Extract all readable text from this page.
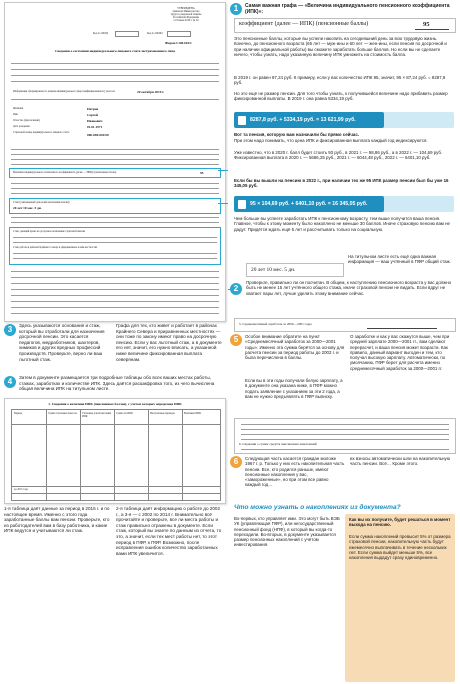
УТВЕРЖДЕНА
приказом Министерства
труда и социальной защиты
Российской Федерации
от 8 июня 2019 г. № 3н
Форма СЗИ-ИЛС
Код по ОКУД	Код по ОКПО
Сведения о состоянии индивидуального лицевого счета застрахованного лица
Информация сформирована по данным индивидуального (персонифицированного) учета на	20 октября 2019 г.
Фамилия	Петров
Имя	Сергей
Отчество (при наличии)	Иванович
Дата рождения	01.01.1971
Страховой номер индивидуального лицевого счета
000-000-000 00
Величина индивидуального пенсионного коэффициента (далее — ИПК) (пенсионные баллы)	95
Стаж (учитываемый для целей назначения пенсии)
20 лет 10 мес. 5 дн.
Стаж, дающий право на досрочное назначение страховой пенсии
Стаж работы в районах Крайнего Севера и приравненных к ним местностях
3	Здесь указываются основания и стаж, который вы отработали для назначения досрочной пенсии. Это касается педагогов, медработников, шахтеров, химиков и других вредных профессий производств. Проверьте, верно ли ваш льготный стаж.
Графа для тех, кто живет и работает в районах Крайнего Севера и приравненных местностях — они тоже по закону имеют право на досрочную пенсию. Если у вас льготный стаж, а в документе его нет, значит, его нужно вписать, а указанной ниже величине фиксированная выплата северянам.
4	Затем в документе размещается три подробные таблицы обо всех ваших местах работы, стажах, заработках и количестве ИПК. Здесь даётся расшифровка того, из чего вычислена общая величина ИПК на титульном листе.
1. Сведения о величине ИПК (пенсионных баллов), с учетом которых определена ИПК
Период	Сумма страховых взносов	Учтенные для исчисления ИПК
Сумма по ИПК	Нестраховые периоды	Величина ИПК
до 2015 года
1-я таблица даёт данные за период в 2015 г. и по настоящее время. Именно с этого года заработанные баллы вам пенсии. Проверьте, кто из работодателей вам в базу работника, и какие ИПК ведутся и учитываются ли стаж.
2-я таблица даёт информацию о работе до 2002 г., а 3-я — с 2002 по 2014 г. Внимательно всё прочитайте и проверьте, все ли места работы и стаж правильно отражены в документе. Если стаж, который вы знаете по данным из отчета, то это, а значит, если тех мест работы нет, то этот период в ПФР, к ПФР. Возможно, после исправления ошибок количество заработанных вами ИПК увеличится.
1	Самая важная графа — «Величина индивидуального пенсионного коэффициента (ИПК)»:
коэффициент (далее — ИПК) (пенсионные баллы)	95
Это пенсионные баллы, которые вы успели накопить на сегодняшний день за всю трудовую жизнь. Конечно, до пенсионного возраста (65 лет — муж-ины и 60 лет — жен-ины, если пенсия по досрочной и при наличии официальной работы) вы сможете заработать больше баллов. Но если вы не сделаете ничего, чтобы узнать, надо указанную величину ИПК умножить на стоимость балла.
В 2019 г. он равен 87,24 руб. К примеру, если у вас количество ИПК 95, значит, 95 × 87,24 руб. = 8287,8 руб.
Но это ещё не размер пенсии. Для того чтобы узнать, к получившейся величине надо прибавить размер фиксированной выплаты. В 2019 г. она равна 5334,19 руб.
8287,8 руб. + 5334,19 руб. = 13 621,99 руб.
Вот та пенсия, которую вам назначили бы прямо сейчас.
При этом надо понимать, что цена ИПК и фиксированная выплата каждый год индексируются.
Уже известно, что в 2020 г. балл будет стоить 93 руб., в 2021 г. — 98,86 руб., а в 2022 г. — 104,69 руб. Фиксированная выплата в 2020 г. — 5686,25 руб., 2021 г. — 6044,48 руб., 2022 г. — 6401,10 руб.
Если бы вы вышли на пенсию в 2022 г., при наличии тех же 95 ИПК размер пенсии был бы уже 16 345,05 руб.
95 × 104,69 руб. + 6401,10 руб. = 16 345,05 руб.
Чем больше вы успеете заработать ИПК к пенсионному возрасту, тем выше получится ваша пенсия. Главное, чтобы к этому моменту было накоплено не меньше 30 баллов. Иначе страховую пенсию вам не дадут. Придётся ждать ещё 5 лет и рассчитывать только на социальную.
2
20 лет 10 мес. 5 дн.
На титульном листе есть ещё одна важная информация — ваш учтённый в ПФР общий стаж.
Проверьте, правильно ли он посчитан. В общем, к наступлению пенсионного возраста у вас должно быть не менее 15 лет учтённого общего стажа, иначе страховой пенсии не видать. Если вдруг не хватает пары лет, лучше уделить этому внимание сейчас.
5. Среднемесячный заработок за 2000—2001 годы
5	Особое внимание обратите на пункт «Среднемесячный заработок за 2000—2001 годы». Именно эта сумма берётся за основу для расчета пенсии за период работы до 2002 г. и была перечислена в баллы.
Если вы в эти годы получали белую зарплату, а в документе она указана ниже, в ПФР можно подать заявление с указанием за эти 2 года, а вам не нужно предъявлять в ПФР выписку.
О заработке и как у вас окажутся выше, чем при средней зарплате 2000—2001 гг., вам сделают перерасчет, и ваша пенсия может возрасти. Как правило, данный вариант выгоден и тем, кто получал высокую зарплату. Автоматически, по умолчанию, ПФР берет для расчета именно среднемесячный заработок за 2000—2001 гг.
6. Сведения о сумме средств пенсионных накоплений
6	Следующая часть касается граждан моложе 1967 г. р. Только у них есть накопительная часть пенсии. Все, кто родился раньше, имеют пенсионные накопления у вас, «замороженные», но при этом все равно каждый год…
их взносы автоматически шли на накопительную часть пенсии. Всё… Кроме этого.
Что можно узнать о накоплениях из документа?
Во-первых, кто управляет ими. Это могут быть ВЭБ УК (управляющая ПФР), или негосударственный пенсионный фонд (НПФ), в который вы когда-то переходили. Во-вторых, в документе указывается размер пенсионных накоплений с учётом инвестирования.
Как вы их получите, будет решаться в момент выхода на пенсию.
Если сумма накоплений превысит 5% от размера страховой пенсии, накопительную часть будут ежемесячно выплачивать в течение нескольких лет. Если сумма выйдет меньше 5%, все накопления выдадут сразу единовременно.
